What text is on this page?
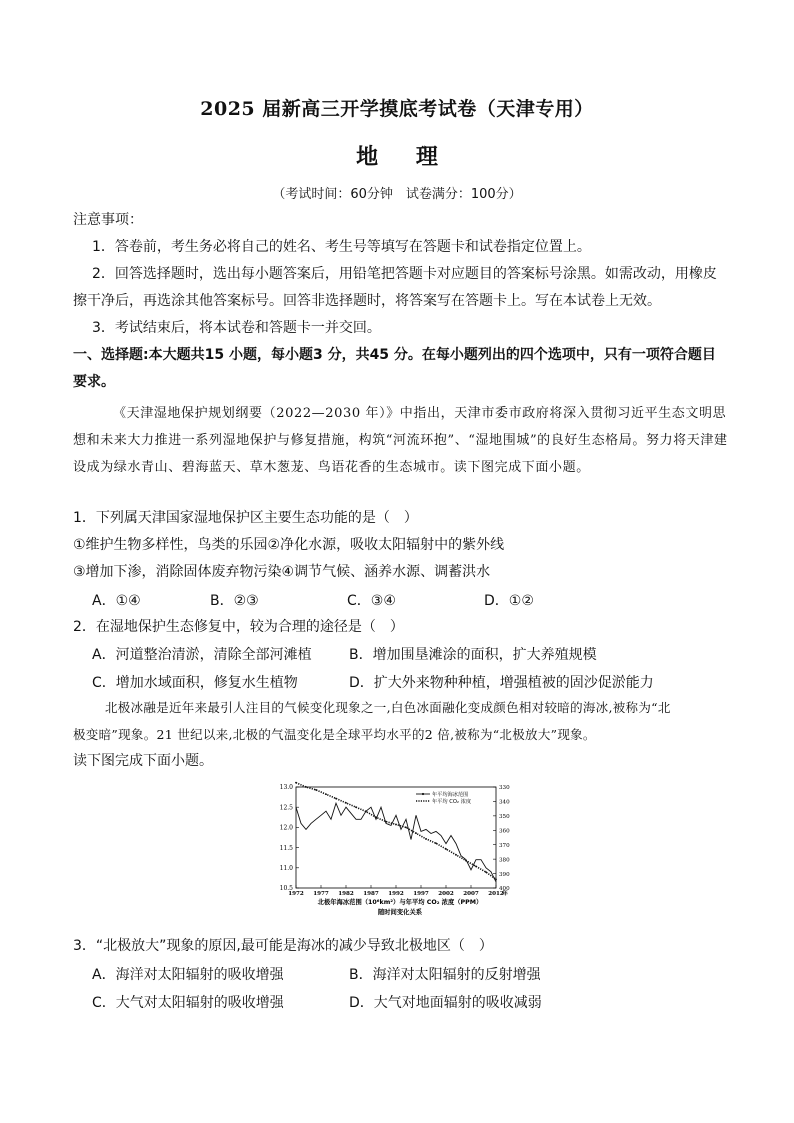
2025 届新高三开学摸底考试卷（天津专用）
地 理
（考试时间：60分钟　试卷满分：100分）
注意事项：
1．答卷前，考生务必将自己的姓名、考生号等填写在答题卡和试卷指定位置上。
2．回答选择题时，选出每小题答案后，用铅笔把答题卡对应题目的答案标号涂黑。如需改动，用橡皮
擦干净后，再选涂其他答案标号。回答非选择题时，将答案写在答题卡上。写在本试卷上无效。
3．考试结束后，将本试卷和答题卡一并交回。
一、选择题:本大题共15 小题，每小题3 分，共45 分。在每小题列出的四个选项中，只有一项符合题目
要求。
《天津湿地保护规划纲要（2022—2030 年）》中指出，天津市委市政府将深入贯彻习近平生态文明思
想和未来大力推进一系列湿地保护与修复措施，构筑“河流环抱”、“湿地围城”的良好生态格局。努力将天津建
设成为绿水青山、碧海蓝天、草木葱茏、鸟语花香的生态城市。读下图完成下面小题。
1．下列属天津国家湿地保护区主要生态功能的是（　）
①维护生物多样性，鸟类的乐园②净化水源，吸收太阳辐射中的紫外线
③增加下渗，消除固体废弃物污染④调节气候、涵养水源、调蓄洪水
A．①④	B．②③	C．③④	D．①②
2．在湿地保护生态修复中，较为合理的途径是（　）
A．河道整治清淤，清除全部河滩植	B．增加围垦滩涂的面积，扩大养殖规模
C．增加水域面积，修复水生植物	D．扩大外来物种种植，增强植被的固沙促淤能力
北极冰融是近年来最引人注目的气候变化现象之一,白色冰面融化变成颜色相对较暗的海冰,被称为“北
极变暗”现象。21 世纪以来,北极的气温变化是全球平均水平的2 倍,被称为“北极放大”现象。
读下图完成下面小题。
13.0
12.5
12.0
11.5
11.0
10.5
330
340
350
360
370
380
390
400
1972 1977 1982 1987 1992 1997 2002 2007 2012
年
年平均海冰范围
年平均 CO₂ 浓度
北极年海冰范围（10⁶km²）与年平均 CO₂ 浓度（PPM）
随时间变化关系
3．“北极放大”现象的原因,最可能是海冰的减少导致北极地区（　）
A．海洋对太阳辐射的吸收增强	B．海洋对太阳辐射的反射增强
C．大气对太阳辐射的吸收增强	D．大气对地面辐射的吸收减弱
